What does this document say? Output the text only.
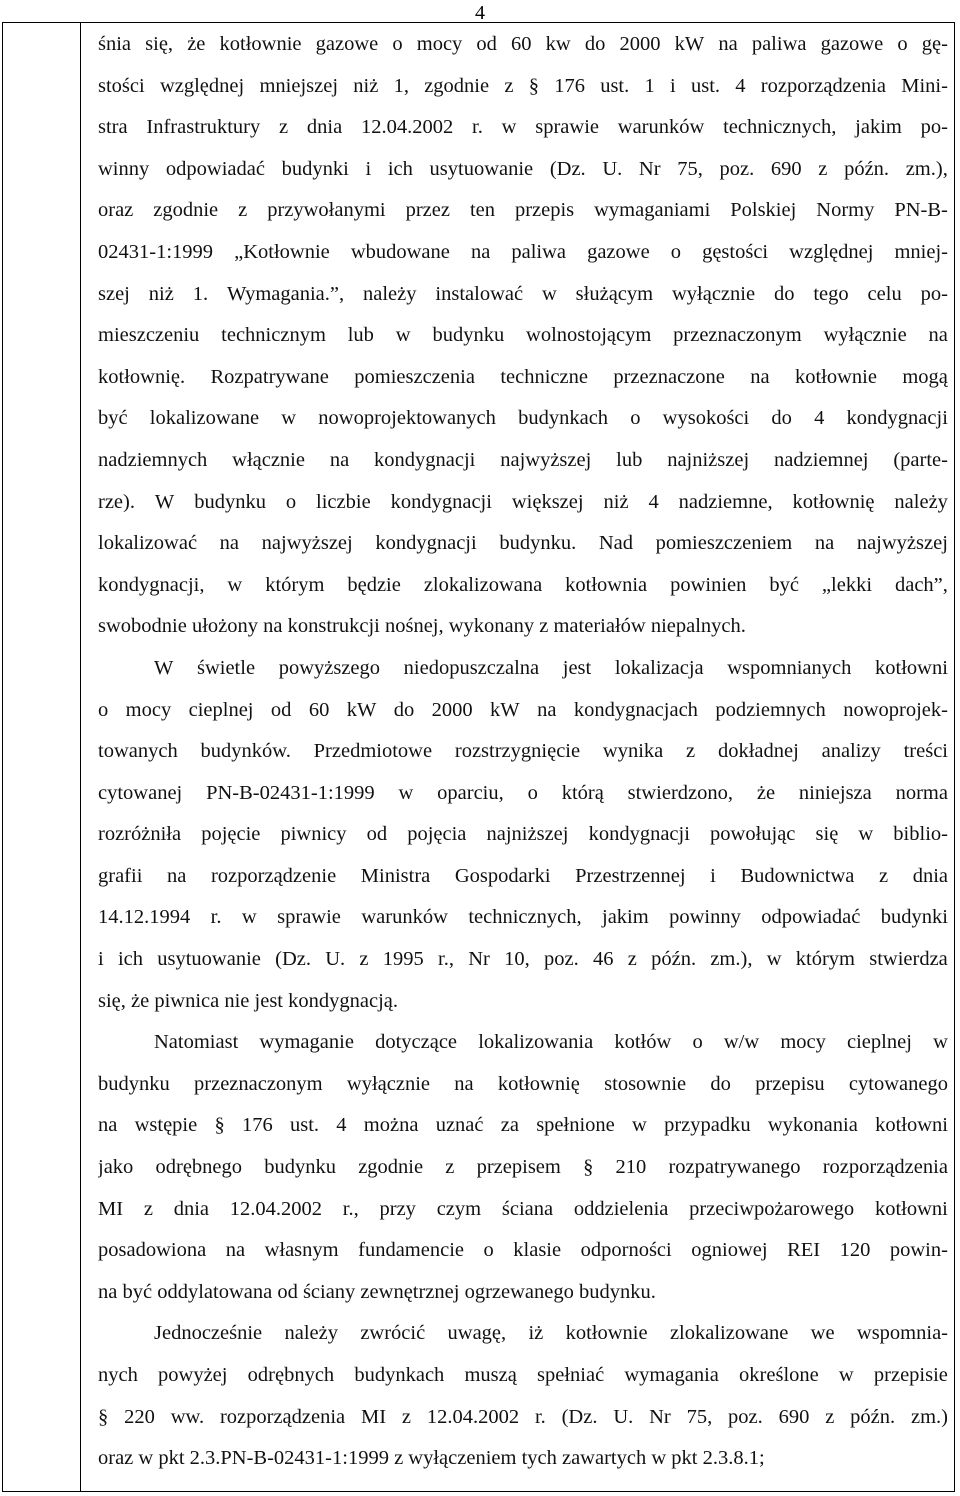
4
śnia się, że kotłownie gazowe o mocy od 60 kw do 2000 kW na paliwa gazowe o gę-
stości względnej mniejszej niż 1, zgodnie z § 176 ust. 1 i ust. 4 rozporządzenia Mini-
stra Infrastruktury z dnia 12.04.2002 r. w sprawie warunków technicznych, jakim po-
winny odpowiadać budynki i ich usytuowanie (Dz. U. Nr 75, poz. 690 z późn. zm.),
oraz zgodnie z przywołanymi przez ten przepis wymaganiami Polskiej Normy PN-B-
02431-1:1999 „Kotłownie wbudowane na paliwa gazowe o gęstości względnej mniej-
szej niż 1. Wymagania.”, należy instalować w służącym wyłącznie do tego celu po-
mieszczeniu technicznym lub w budynku wolnostojącym przeznaczonym wyłącznie na
kotłownię. Rozpatrywane pomieszczenia techniczne przeznaczone na kotłownie mogą
być lokalizowane w nowoprojektowanych budynkach o wysokości do 4 kondygnacji
nadziemnych włącznie na kondygnacji najwyższej lub najniższej nadziemnej (parte-
rze). W budynku o liczbie kondygnacji większej niż 4 nadziemne, kotłownię należy
lokalizować na najwyższej kondygnacji budynku. Nad pomieszczeniem na najwyższej
kondygnacji, w którym będzie zlokalizowana kotłownia powinien być „lekki dach”,
swobodnie ułożony na konstrukcji nośnej, wykonany z materiałów niepalnych.
W świetle powyższego niedopuszczalna jest lokalizacja wspomnianych kotłowni
o mocy cieplnej od 60 kW do 2000 kW na kondygnacjach podziemnych nowoprojek-
towanych budynków. Przedmiotowe rozstrzygnięcie wynika z dokładnej analizy treści
cytowanej PN-B-02431-1:1999 w oparciu, o którą stwierdzono, że niniejsza norma
rozróżniła pojęcie piwnicy od pojęcia najniższej kondygnacji powołując się w biblio-
grafii na rozporządzenie Ministra Gospodarki Przestrzennej i Budownictwa z dnia
14.12.1994 r. w sprawie warunków technicznych, jakim powinny odpowiadać budynki
i ich usytuowanie (Dz. U. z 1995 r., Nr 10, poz. 46 z późn. zm.), w którym stwierdza
się, że piwnica nie jest kondygnacją.
Natomiast wymaganie dotyczące lokalizowania kotłów o w/w mocy cieplnej w
budynku przeznaczonym wyłącznie na kotłownię stosownie do przepisu cytowanego
na wstępie § 176 ust. 4 można uznać za spełnione w przypadku wykonania kotłowni
jako odrębnego budynku zgodnie z przepisem § 210 rozpatrywanego rozporządzenia
MI z dnia 12.04.2002 r., przy czym ściana oddzielenia przeciwpożarowego kotłowni
posadowiona na własnym fundamencie o klasie odporności ogniowej REI 120 powin-
na być oddylatowana od ściany zewnętrznej ogrzewanego budynku.
Jednocześnie należy zwrócić uwagę, iż kotłownie zlokalizowane we wspomnia-
nych powyżej odrębnych budynkach muszą spełniać wymagania określone w przepisie
§ 220 ww. rozporządzenia MI z 12.04.2002 r. (Dz. U. Nr 75, poz. 690 z późn. zm.)
oraz w pkt 2.3.PN-B-02431-1:1999 z wyłączeniem tych zawartych w pkt 2.3.8.1;
